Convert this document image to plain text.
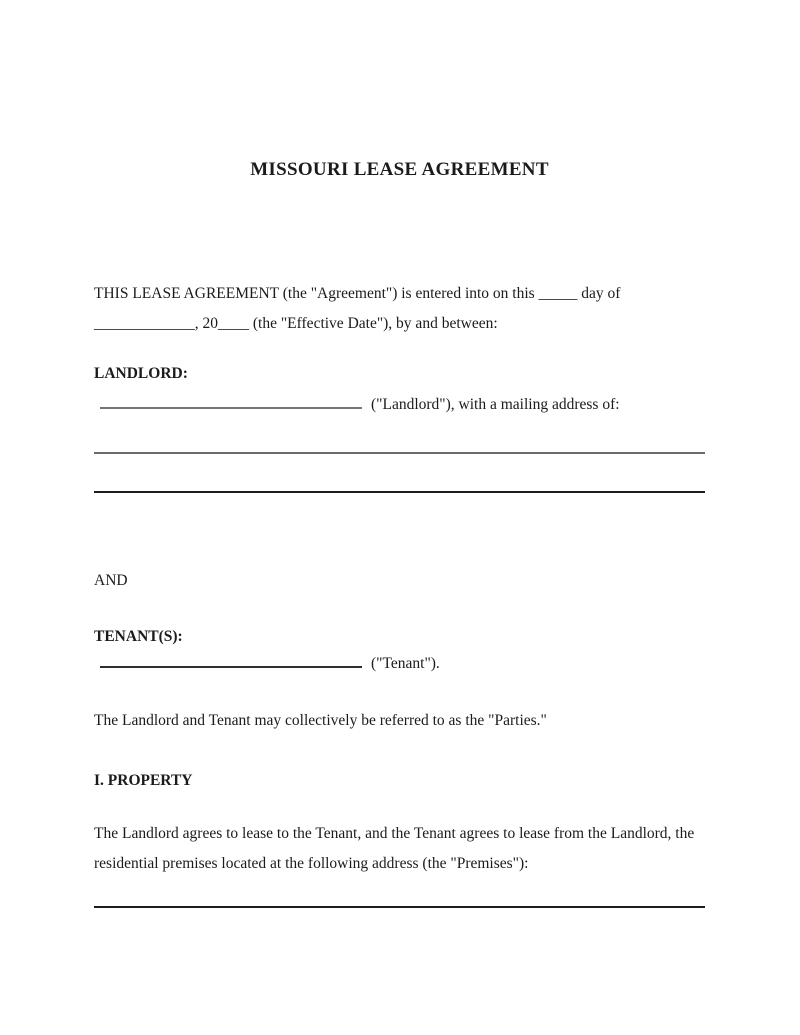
MISSOURI LEASE AGREEMENT
THIS LEASE AGREEMENT (the "Agreement") is entered into on this _____ day of
_____________, 20____ (the "Effective Date"), by and between:
LANDLORD:
("Landlord"), with a mailing address of:
AND
TENANT(S):
("Tenant").
The Landlord and Tenant may collectively be referred to as the "Parties."
I. PROPERTY
The Landlord agrees to lease to the Tenant, and the Tenant agrees to lease from the Landlord, the
residential premises located at the following address (the "Premises"):
